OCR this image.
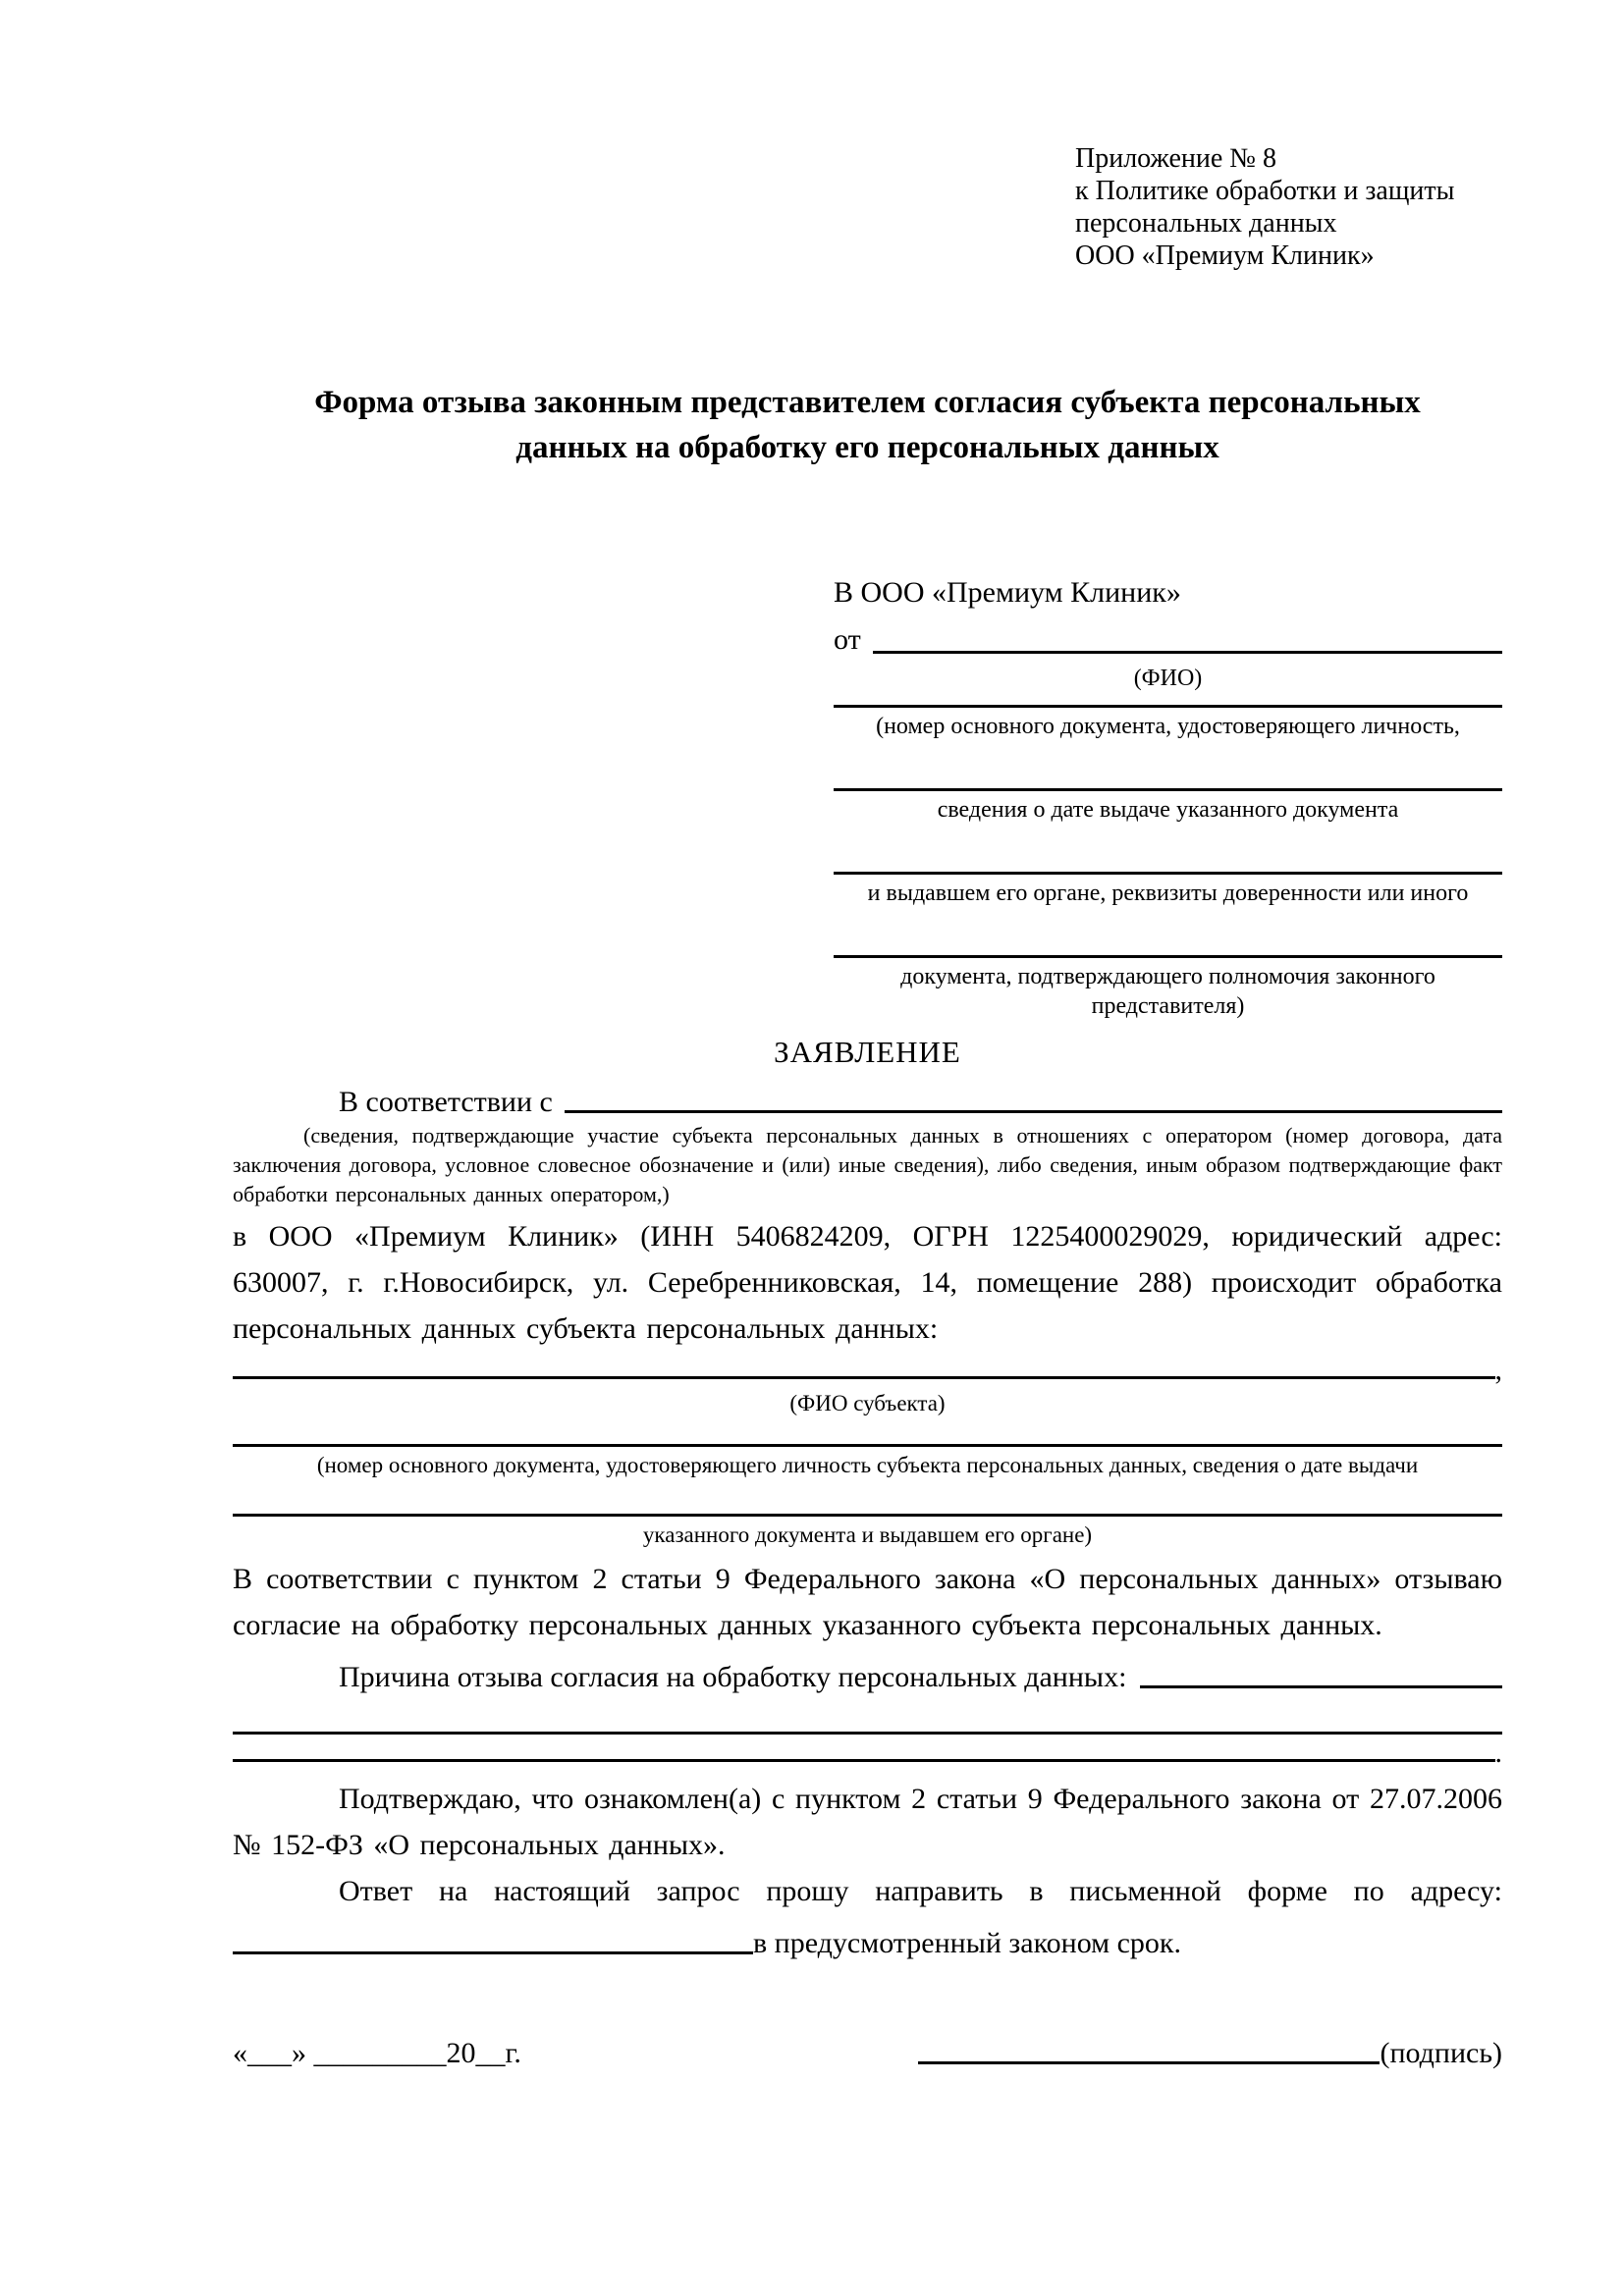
Приложение № 8
к Политике обработки и защиты
персональных данных
ООО «Премиум Клиник»
Форма отзыва законным представителем согласия субъекта персональных данных на обработку его персональных данных
В ООО «Премиум Клиник»
от
(ФИО)
(номер основного документа, удостоверяющего личность,
сведения о дате выдаче указанного документа
и выдавшем его органе, реквизиты доверенности или иного
документа, подтверждающего полномочия законного представителя)
ЗАЯВЛЕНИЕ
В соответствии с
(сведения, подтверждающие участие субъекта персональных данных в отношениях с оператором (номер договора, дата заключения договора, условное словесное обозначение и (или) иные сведения), либо сведения, иным образом подтверждающие факт обработки персональных данных оператором,)
в ООО «Премиум Клиник» (ИНН 5406824209, ОГРН 1225400029029, юридический адрес: 630007, г. г.Новосибирск, ул. Серебренниковская, 14, помещение 288) происходит обработка персональных данных субъекта персональных данных:
,
(ФИО субъекта)
(номер основного документа, удостоверяющего личность субъекта персональных данных, сведения о дате выдачи
указанного документа и выдавшем его органе)
В соответствии с пунктом 2 статьи 9 Федерального закона «О персональных данных» отзываю согласие на обработку персональных данных указанного субъекта персональных данных.
Причина отзыва согласия на обработку персональных данных:
.
Подтверждаю, что ознакомлен(а) с пунктом 2 статьи 9 Федерального закона от 27.07.2006 № 152-ФЗ «О персональных данных».
Ответ на настоящий запрос прошу направить в письменной форме по адресу:
в предусмотренный законом срок.
«___» _________20__г.	(подпись)
